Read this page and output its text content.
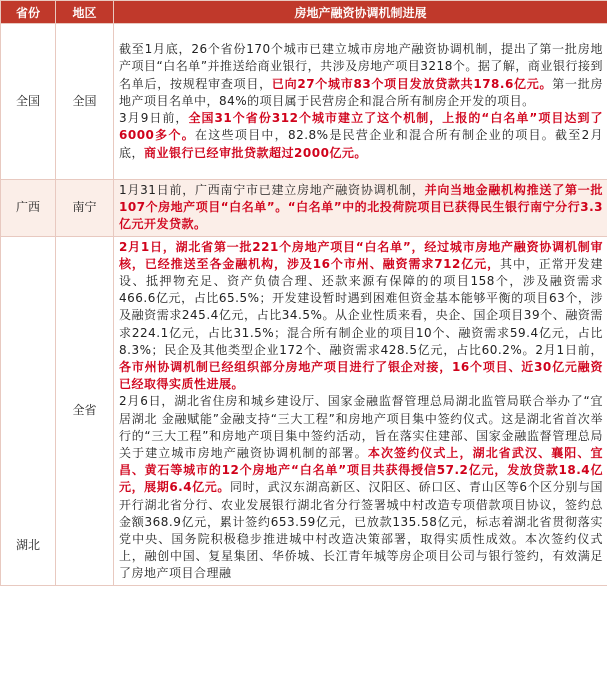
省份	地区	房地产融资协调机制进展
全国	全国	截至1月底，26个省份170个城市已建立城市房地产融资协调机制，提出了第一批房地产项目“白名单”并推送给商业银行，共涉及房地产项目3218个。据了解，商业银行接到名单后，按规程审查项目，已向27个城市83个项目发放贷款共178.6亿元。第一批房地产项目名单中，84%的项目属于民营房企和混合所有制房企开发的项目。

3月9日前，全国31个省份312个城市建立了这个机制，上报的“白名单”项目达到了6000多个。在这些项目中，82.8%是民营企业和混合所有制企业的项目。截至2月底，商业银行已经审批贷款超过2000亿元。

广西	南宁	1月31日前，广西南宁市已建立房地产融资协调机制，并向当地金融机构推送了第一批107个房地产项目“白名单”。“白名单”中的北投荷院项目已获得民生银行南宁分行3.3亿元开发贷款。

湖北	全省	2月1日，湖北省第一批221个房地产项目“白名单”，经过城市房地产融资协调机制审核，已经推送至各金融机构，涉及16个市州、融资需求712亿元，其中，正常开发建设、抵押物充足、资产负债合理、还款来源有保障的的项目158个，涉及融资需求466.6亿元，占比65.5%；开发建设暂时遇到困难但资金基本能够平衡的项目63个，涉及融资需求245.4亿元，占比34.5%。从企业性质来看，央企、国企项目39个、融资需求224.1亿元，占比31.5%；混合所有制企业的项目10个、融资需求59.4亿元，占比8.3%；民企及其他类型企业172个、融资需求428.5亿元，占比60.2%。2月1日前，各市州协调机制已经组织部分房地产项目进行了银企对接，16个项目、近30亿元融资已经取得实质性进展。

2月6日，湖北省住房和城乡建设厅、国家金融监督管理总局湖北监管局联合举办了“宜居湖北 金融赋能”金融支持“三大工程”和房地产项目集中签约仪式。这是湖北省首次举行的“三大工程”和房地产项目集中签约活动，旨在落实住建部、国家金融监督管理总局关于建立城市房地产融资协调机制的部署。本次签约仪式上，湖北省武汉、襄阳、宜昌、黄石等城市的12个房地产“白名单”项目共获得授信57.2亿元，发放贷款18.4亿元，展期6.4亿元。同时，武汉东湖高新区、汉阳区、硚口区、青山区等6个区分别与国开行湖北省分行、农业发展银行湖北省分行签署城中村改造专项借款项目协议，签约总金额368.9亿元，累计签约653.59亿元，已放款135.58亿元，标志着湖北省贯彻落实党中央、国务院积极稳步推进城中村改造决策部署，取得实质性成效。本次签约仪式上，融创中国、复星集团、华侨城、长江青年城等房企项目公司与银行签约，有效满足了房地产项目合理融
